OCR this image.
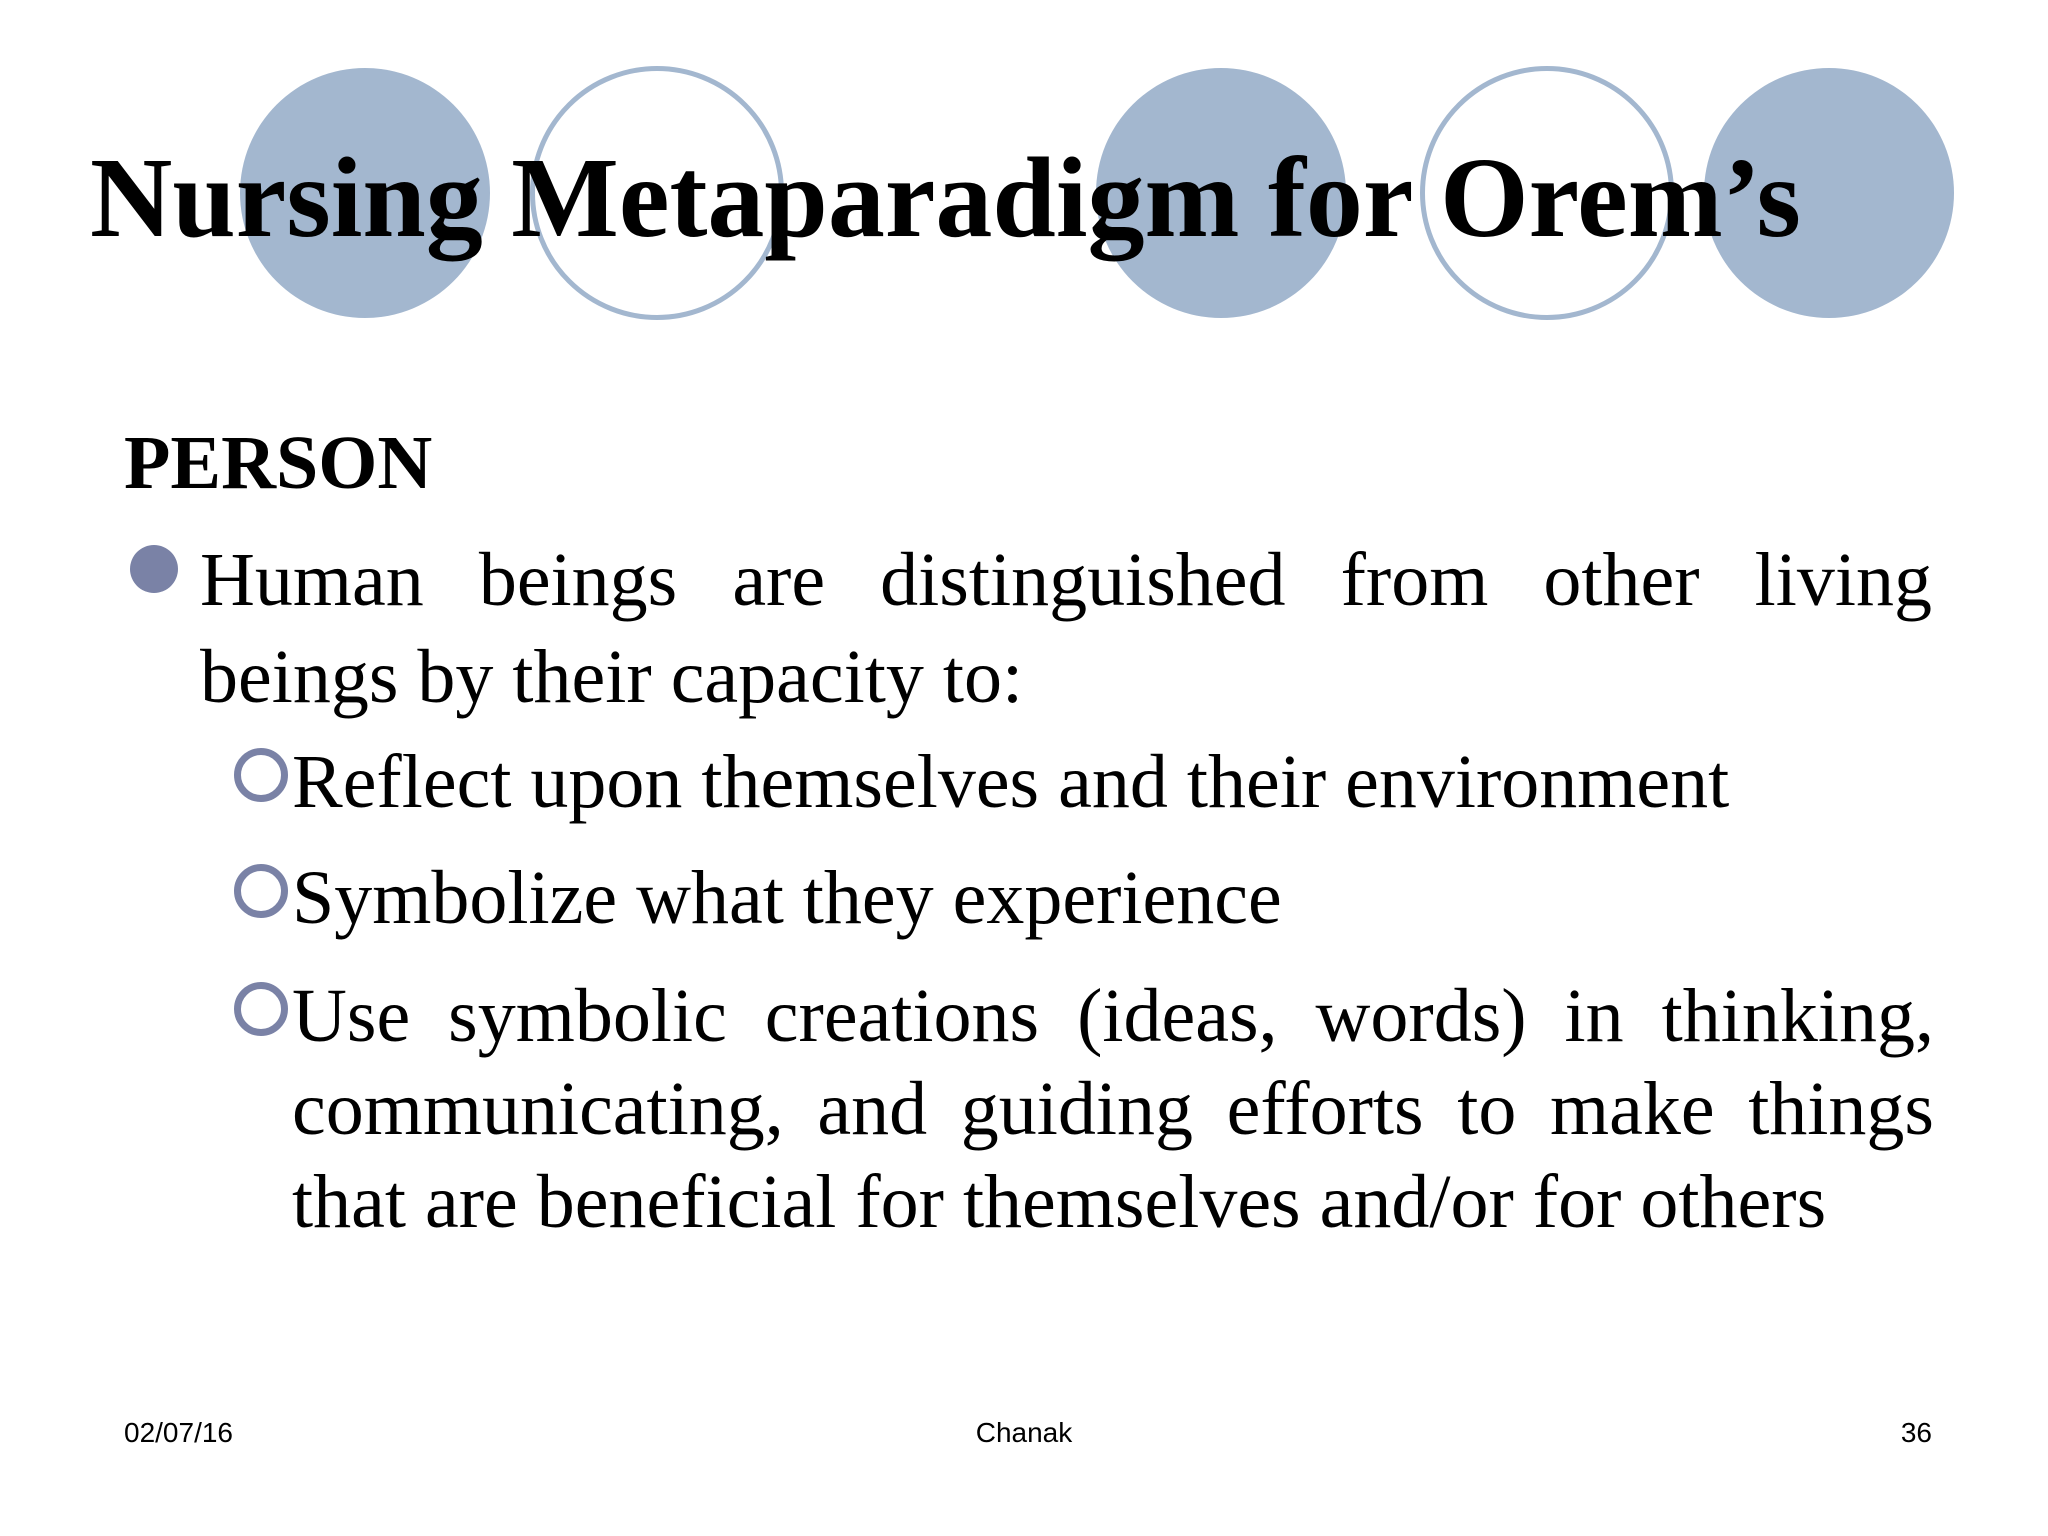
Nursing Metaparadigm for Orem’s
PERSON
Human beings are distinguished from other living beings by their capacity to:
Reflect upon themselves and their environment
Symbolize what they experience
Use symbolic creations (ideas, words) in thinking, communicating, and guiding efforts to make things that are beneficial for themselves and/or for others
02/07/16	Chanak	36
